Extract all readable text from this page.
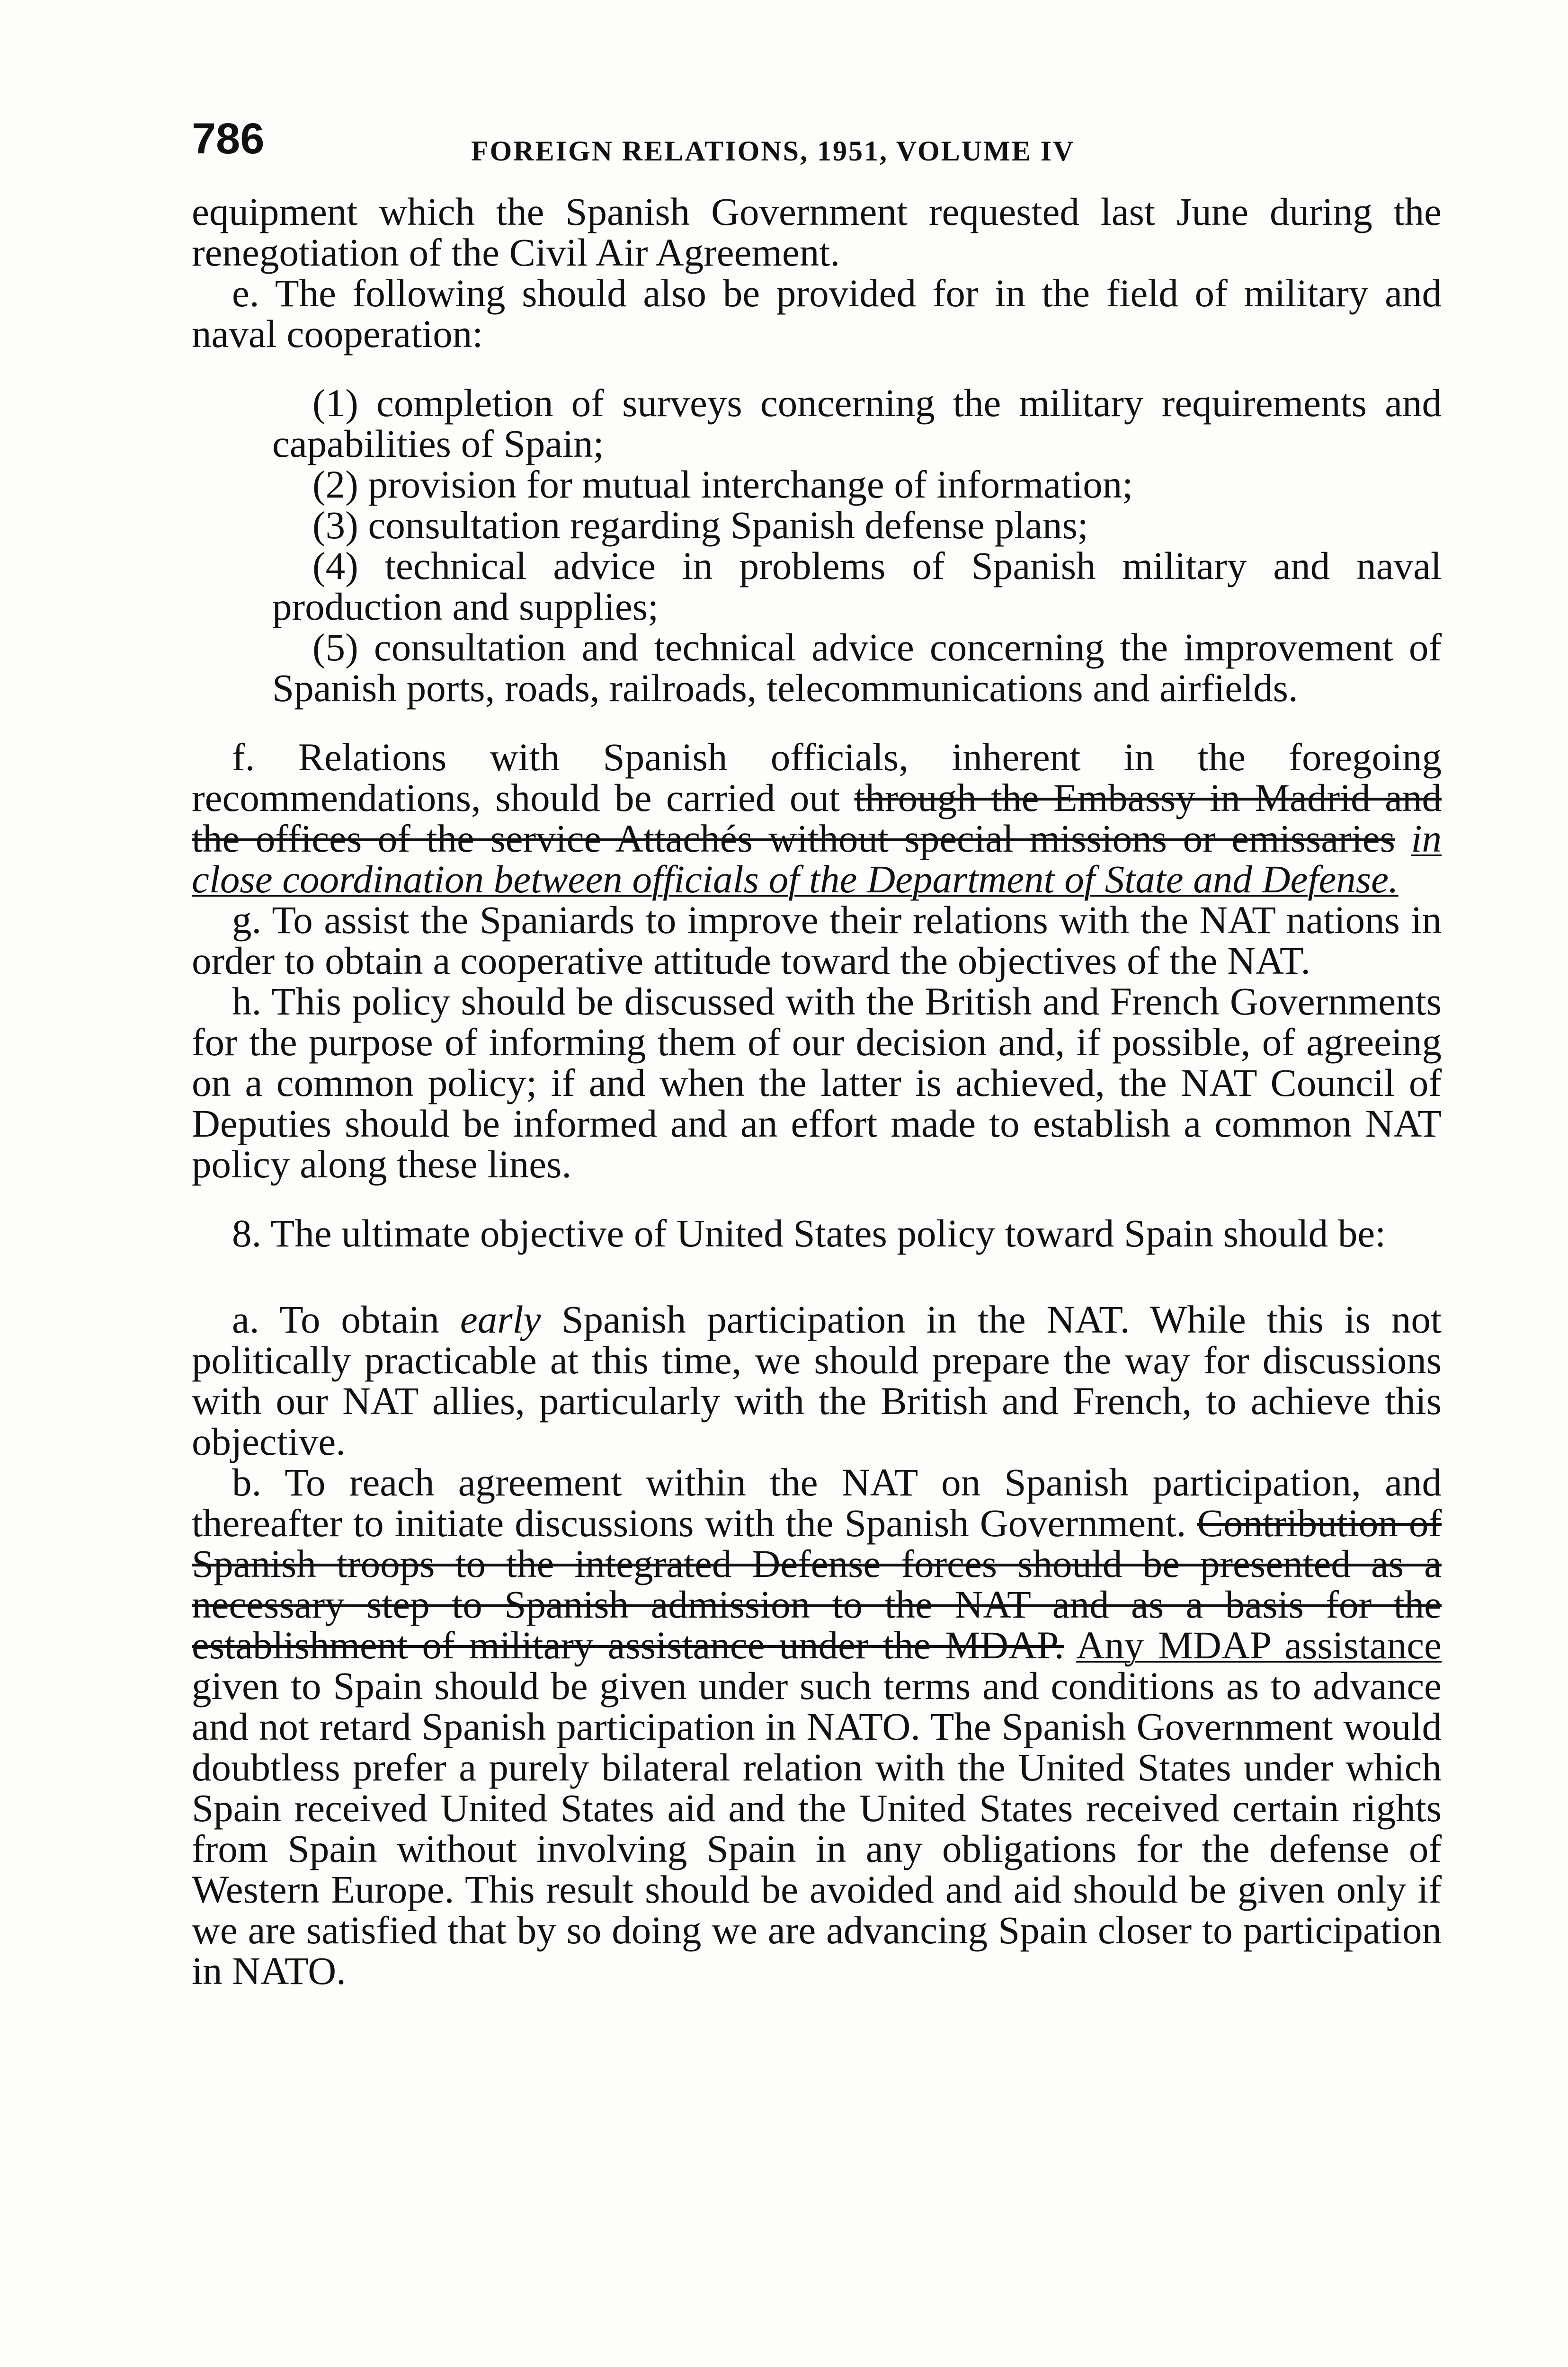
786	FOREIGN RELATIONS, 1951, VOLUME IV

equipment which the Spanish Government requested last June during the renegotiation of the Civil Air Agreement.

e. The following should also be provided for in the field of military and naval cooperation:

(1) completion of surveys concerning the military requirements and capabilities of Spain;

(2) provision for mutual interchange of information;

(3) consultation regarding Spanish defense plans;

(4) technical advice in problems of Spanish military and naval production and supplies;

(5) consultation and technical advice concerning the improvement of Spanish ports, roads, railroads, telecommunications and airfields.

f. Relations with Spanish officials, inherent in the foregoing recommendations, should be carried out through the Embassy in Madrid and the offices of the service Attachés without special missions or emissaries in close coordination between officials of the Department of State and Defense.

g. To assist the Spaniards to improve their relations with the NAT nations in order to obtain a cooperative attitude toward the objectives of the NAT.

h. This policy should be discussed with the British and French Governments for the purpose of informing them of our decision and, if possible, of agreeing on a common policy; if and when the latter is achieved, the NAT Council of Deputies should be informed and an effort made to establish a common NAT policy along these lines.

8. The ultimate objective of United States policy toward Spain should be:

a. To obtain early Spanish participation in the NAT. While this is not politically practicable at this time, we should prepare the way for discussions with our NAT allies, particularly with the British and French, to achieve this objective.

b. To reach agreement within the NAT on Spanish participation, and thereafter to initiate discussions with the Spanish Government. Contribution of Spanish troops to the integrated Defense forces should be presented as a necessary step to Spanish admission to the NAT and as a basis for the establishment of military assistance under the MDAP. Any MDAP assistance given to Spain should be given under such terms and conditions as to advance and not retard Spanish participation in NATO. The Spanish Government would doubtless prefer a purely bilateral relation with the United States under which Spain received United States aid and the United States received certain rights from Spain without involving Spain in any obligations for the defense of Western Europe. This result should be avoided and aid should be given only if we are satisfied that by so doing we are advancing Spain closer to participation in NATO.
